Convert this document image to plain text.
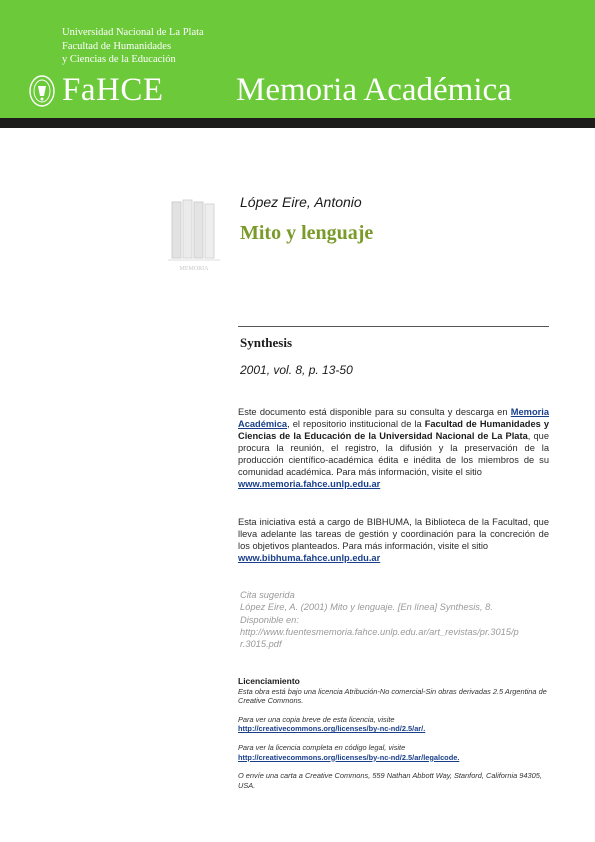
Universidad Nacional de La Plata
Facultad de Humanidades
y Ciencias de la Educación
FaHCE Memoria Académica
MEMORIA
López Eire, Antonio
Mito y lenguaje
Synthesis
2001, vol. 8, p. 13-50
Este documento está disponible para su consulta y descarga en Memoria Académica, el repositorio institucional de la Facultad de Humanidades y Ciencias de la Educación de la Universidad Nacional de La Plata, que procura la reunión, el registro, la difusión y la preservación de la producción científico-académica édita e inédita de los miembros de su comunidad académica. Para más información, visite el sitio
www.memoria.fahce.unlp.edu.ar
Esta iniciativa está a cargo de BIBHUMA, la Biblioteca de la Facultad, que lleva adelante las tareas de gestión y coordinación para la concreción de los objetivos planteados. Para más información, visite el sitio
www.bibhuma.fahce.unlp.edu.ar
Cita sugerida
López Eire, A. (2001) Mito y lenguaje. [En línea] Synthesis, 8.
Disponible en:
http://www.fuentesmemoria.fahce.unlp.edu.ar/art_revistas/pr.3015/p
r.3015.pdf
Licenciamiento
Esta obra está bajo una licencia Atribución-No comercial-Sin obras derivadas 2.5 Argentina de Creative Commons.
Para ver una copia breve de esta licencia, visite
http://creativecommons.org/licenses/by-nc-nd/2.5/ar/.
Para ver la licencia completa en código legal, visite
http://creativecommons.org/licenses/by-nc-nd/2.5/ar/legalcode.
O envíe una carta a Creative Commons, 559 Nathan Abbott Way, Stanford, California 94305, USA.
